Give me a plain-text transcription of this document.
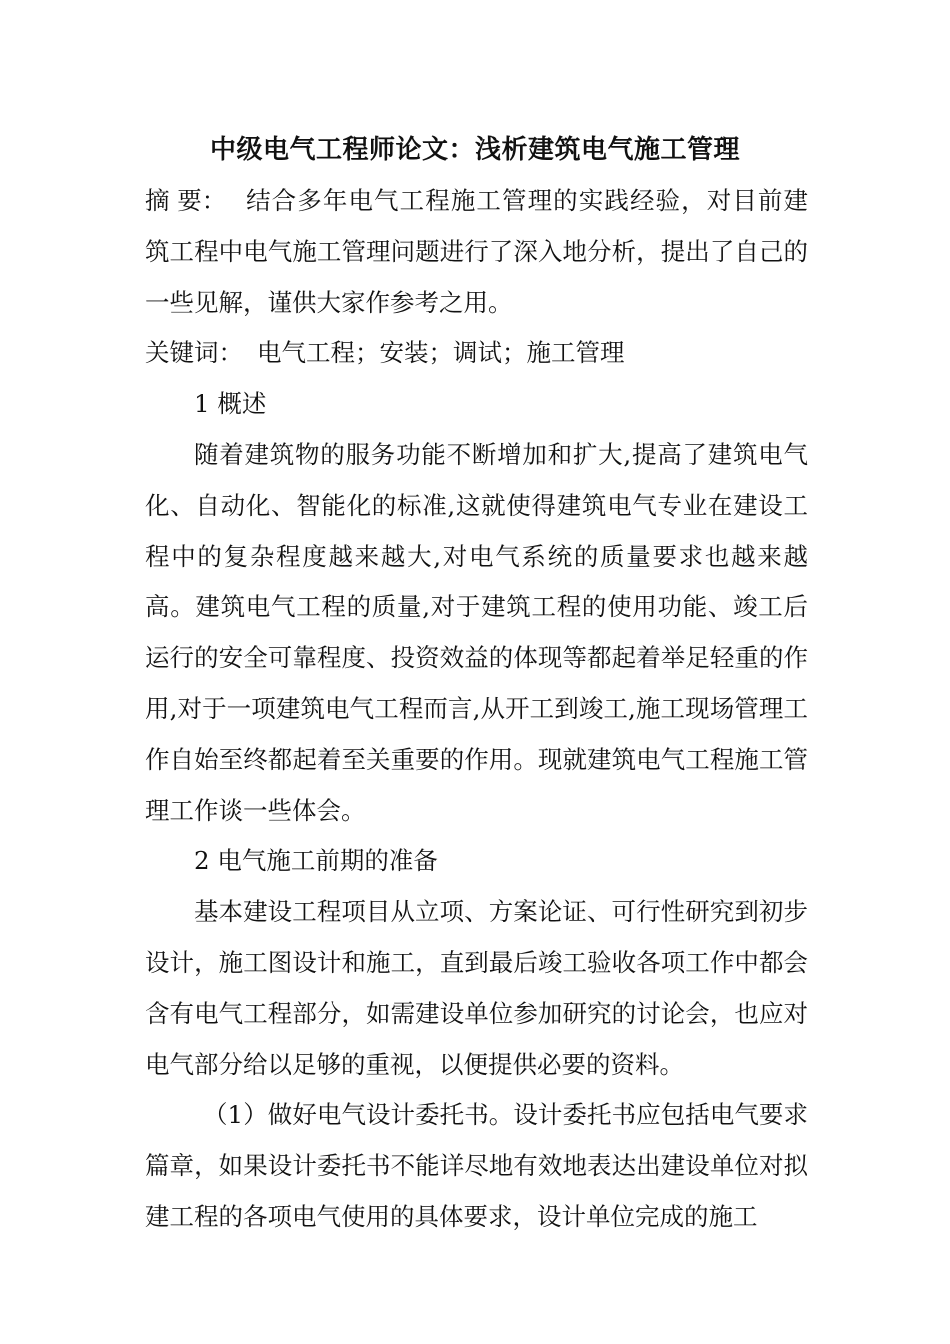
中级电气工程师论文：浅析建筑电气施工管理

摘 要： 结合多年电气工程施工管理的实践经验，对目前建筑工程中电气施工管理问题进行了深入地分析，提出了自己的一些见解，谨供大家作参考之用。

关键词： 电气工程；安装；调试；施工管理

1 概述

随着建筑物的服务功能不断增加和扩大,提高了建筑电气化、自动化、智能化的标准,这就使得建筑电气专业在建设工程中的复杂程度越来越大,对电气系统的质量要求也越来越高。建筑电气工程的质量,对于建筑工程的使用功能、竣工后运行的安全可靠程度、投资效益的体现等都起着举足轻重的作用,对于一项建筑电气工程而言,从开工到竣工,施工现场管理工作自始至终都起着至关重要的作用。现就建筑电气工程施工管理工作谈一些体会。

2 电气施工前期的准备

基本建设工程项目从立项、方案论证、可行性研究到初步设计，施工图设计和施工，直到最后竣工验收各项工作中都会含有电气工程部分，如需建设单位参加研究的讨论会，也应对电气部分给以足够的重视，以便提供必要的资料。

（1）做好电气设计委托书。设计委托书应包括电气要求篇章，如果设计委托书不能详尽地有效地表达出建设单位对拟建工程的各项电气使用的具体要求，设计单位完成的施工
